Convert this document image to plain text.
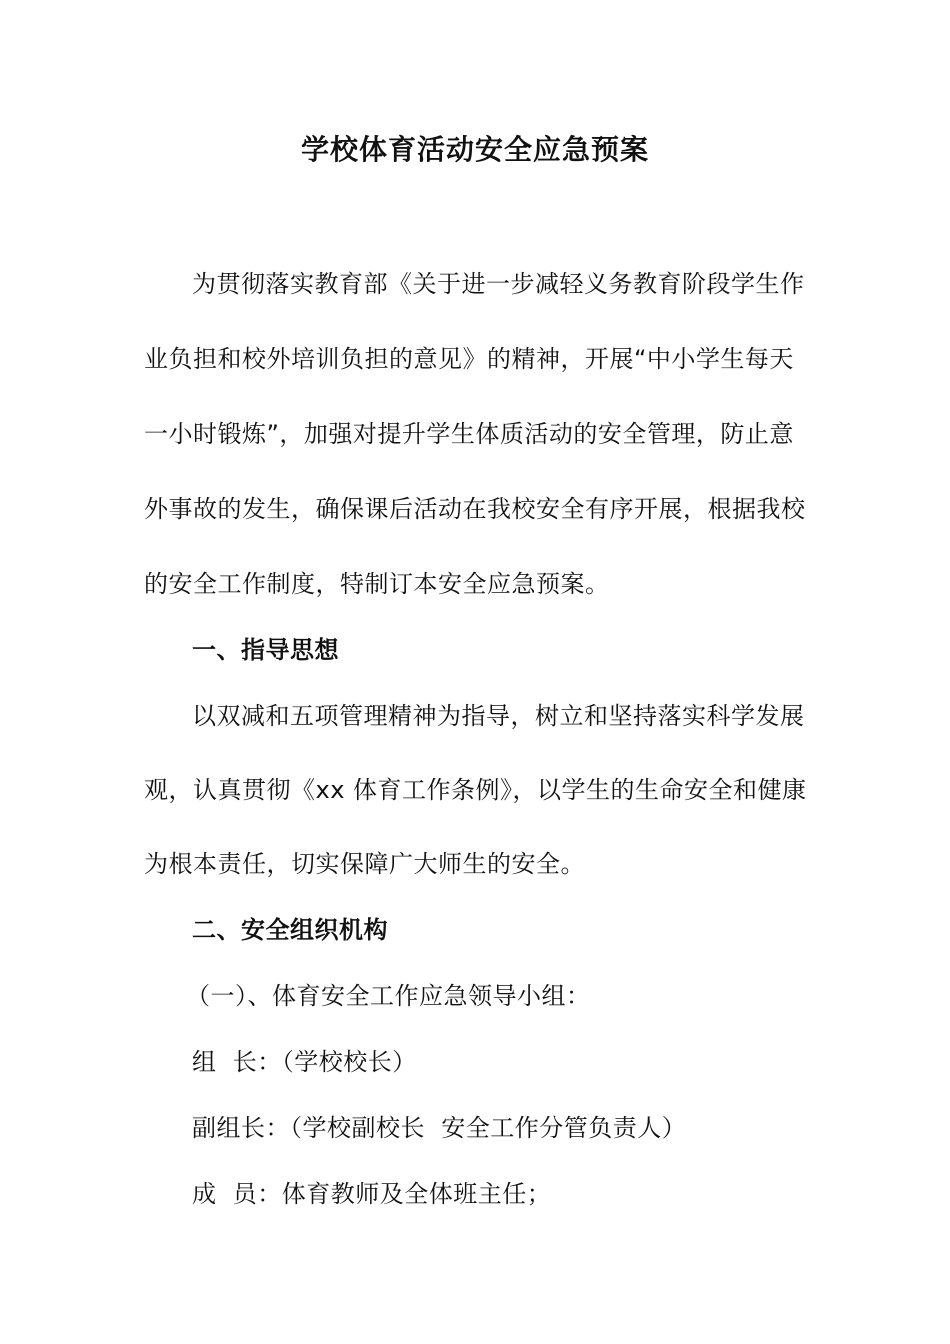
学校体育活动安全应急预案
为贯彻落实教育部《关于进一步减轻义务教育阶段学生作
业负担和校外培训负担的意见》的精神，开展“中小学生每天
一小时锻炼”，加强对提升学生体质活动的安全管理，防止意
外事故的发生，确保课后活动在我校安全有序开展，根据我校
的安全工作制度，特制订本安全应急预案。
一、指导思想
以双减和五项管理精神为指导，树立和坚持落实科学发展
观，认真贯彻《xx 体育工作条例》，以学生的生命安全和健康
为根本责任，切实保障广大师生的安全。
二、安全组织机构
（一）、体育安全工作应急领导小组：
组  长：（学校校长）
副组长：（学校副校长  安全工作分管负责人）
成  员：体育教师及全体班主任；
